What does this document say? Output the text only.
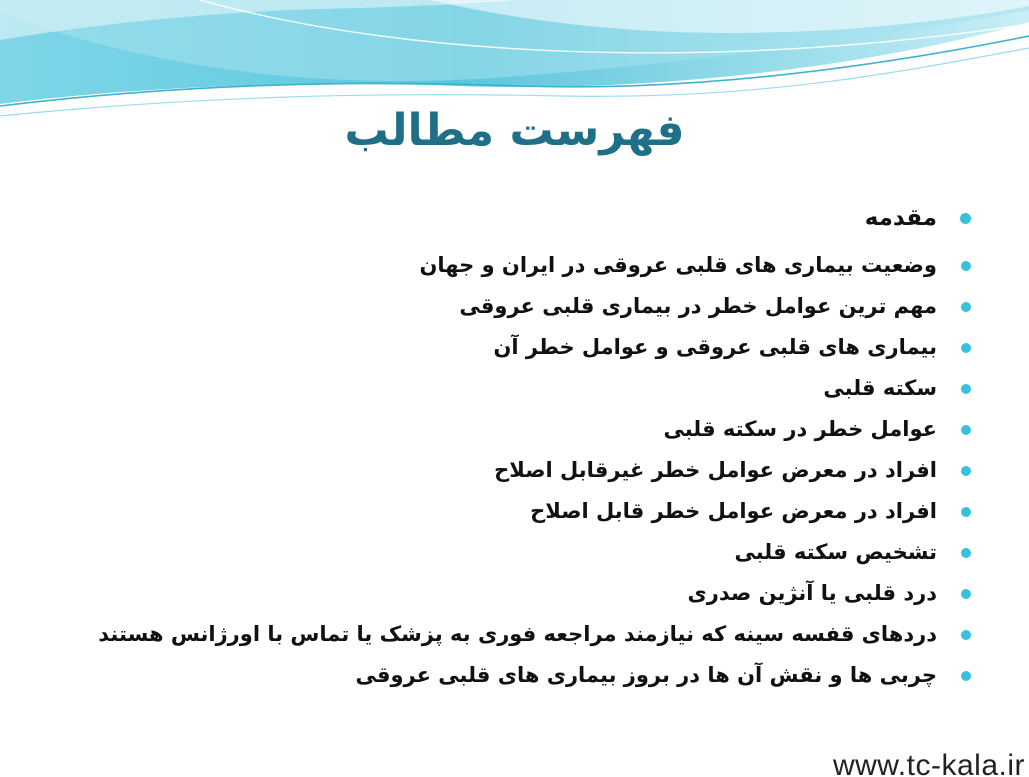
فهرست مطالب
مقدمه
وضعیت بیماری های قلبی عروقی در ایران و جهان
مهم ترین عوامل خطر در بیماری قلبی عروقی
بیماری های قلبی عروقی و عوامل خطر آن
سکته قلبی
عوامل خطر در سکته قلبی
افراد در معرض عوامل خطر غیرقابل اصلاح
افراد در معرض عوامل خطر قابل اصلاح
تشخیص سکته قلبی
درد قلبی یا آنژین صدری
دردهای قفسه سینه که نیازمند مراجعه فوری به پزشک یا تماس با اورژانس هستند
چربی ها و نقش آن ها در بروز بیماری های قلبی عروقی
www.tc-kala.ir
